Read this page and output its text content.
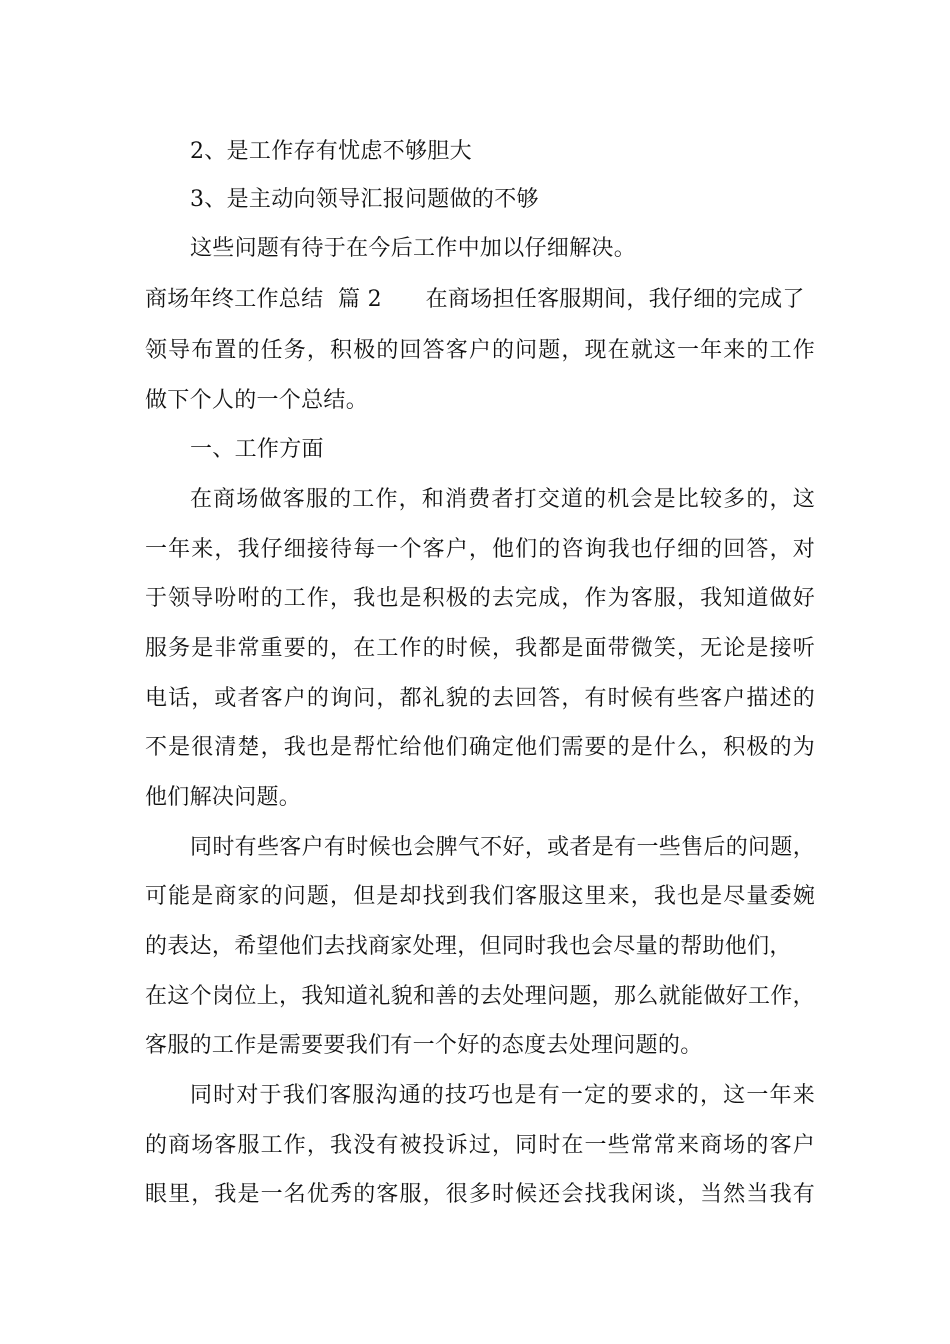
2、是工作存有忧虑不够胆大
3、是主动向领导汇报问题做的不够
这些问题有待于在今后工作中加以仔细解决。
商场年终工作总结  篇 2      在商场担任客服期间，我仔细的完成了
领导布置的任务，积极的回答客户的问题，现在就这一年来的工作
做下个人的一个总结。
一、工作方面
在商场做客服的工作，和消费者打交道的机会是比较多的，这
一年来，我仔细接待每一个客户，他们的咨询我也仔细的回答，对
于领导吩咐的工作，我也是积极的去完成，作为客服，我知道做好
服务是非常重要的，在工作的时候，我都是面带微笑，无论是接听
电话，或者客户的询问，都礼貌的去回答，有时候有些客户描述的
不是很清楚，我也是帮忙给他们确定他们需要的是什么，积极的为
他们解决问题。
同时有些客户有时候也会脾气不好，或者是有一些售后的问题，
可能是商家的问题，但是却找到我们客服这里来，我也是尽量委婉
的表达，希望他们去找商家处理，但同时我也会尽量的帮助他们，
在这个岗位上，我知道礼貌和善的去处理问题，那么就能做好工作，
客服的工作是需要要我们有一个好的态度去处理问题的。
同时对于我们客服沟通的技巧也是有一定的要求的，这一年来
的商场客服工作，我没有被投诉过，同时在一些常常来商场的客户
眼里，我是一名优秀的客服，很多时候还会找我闲谈，当然当我有
